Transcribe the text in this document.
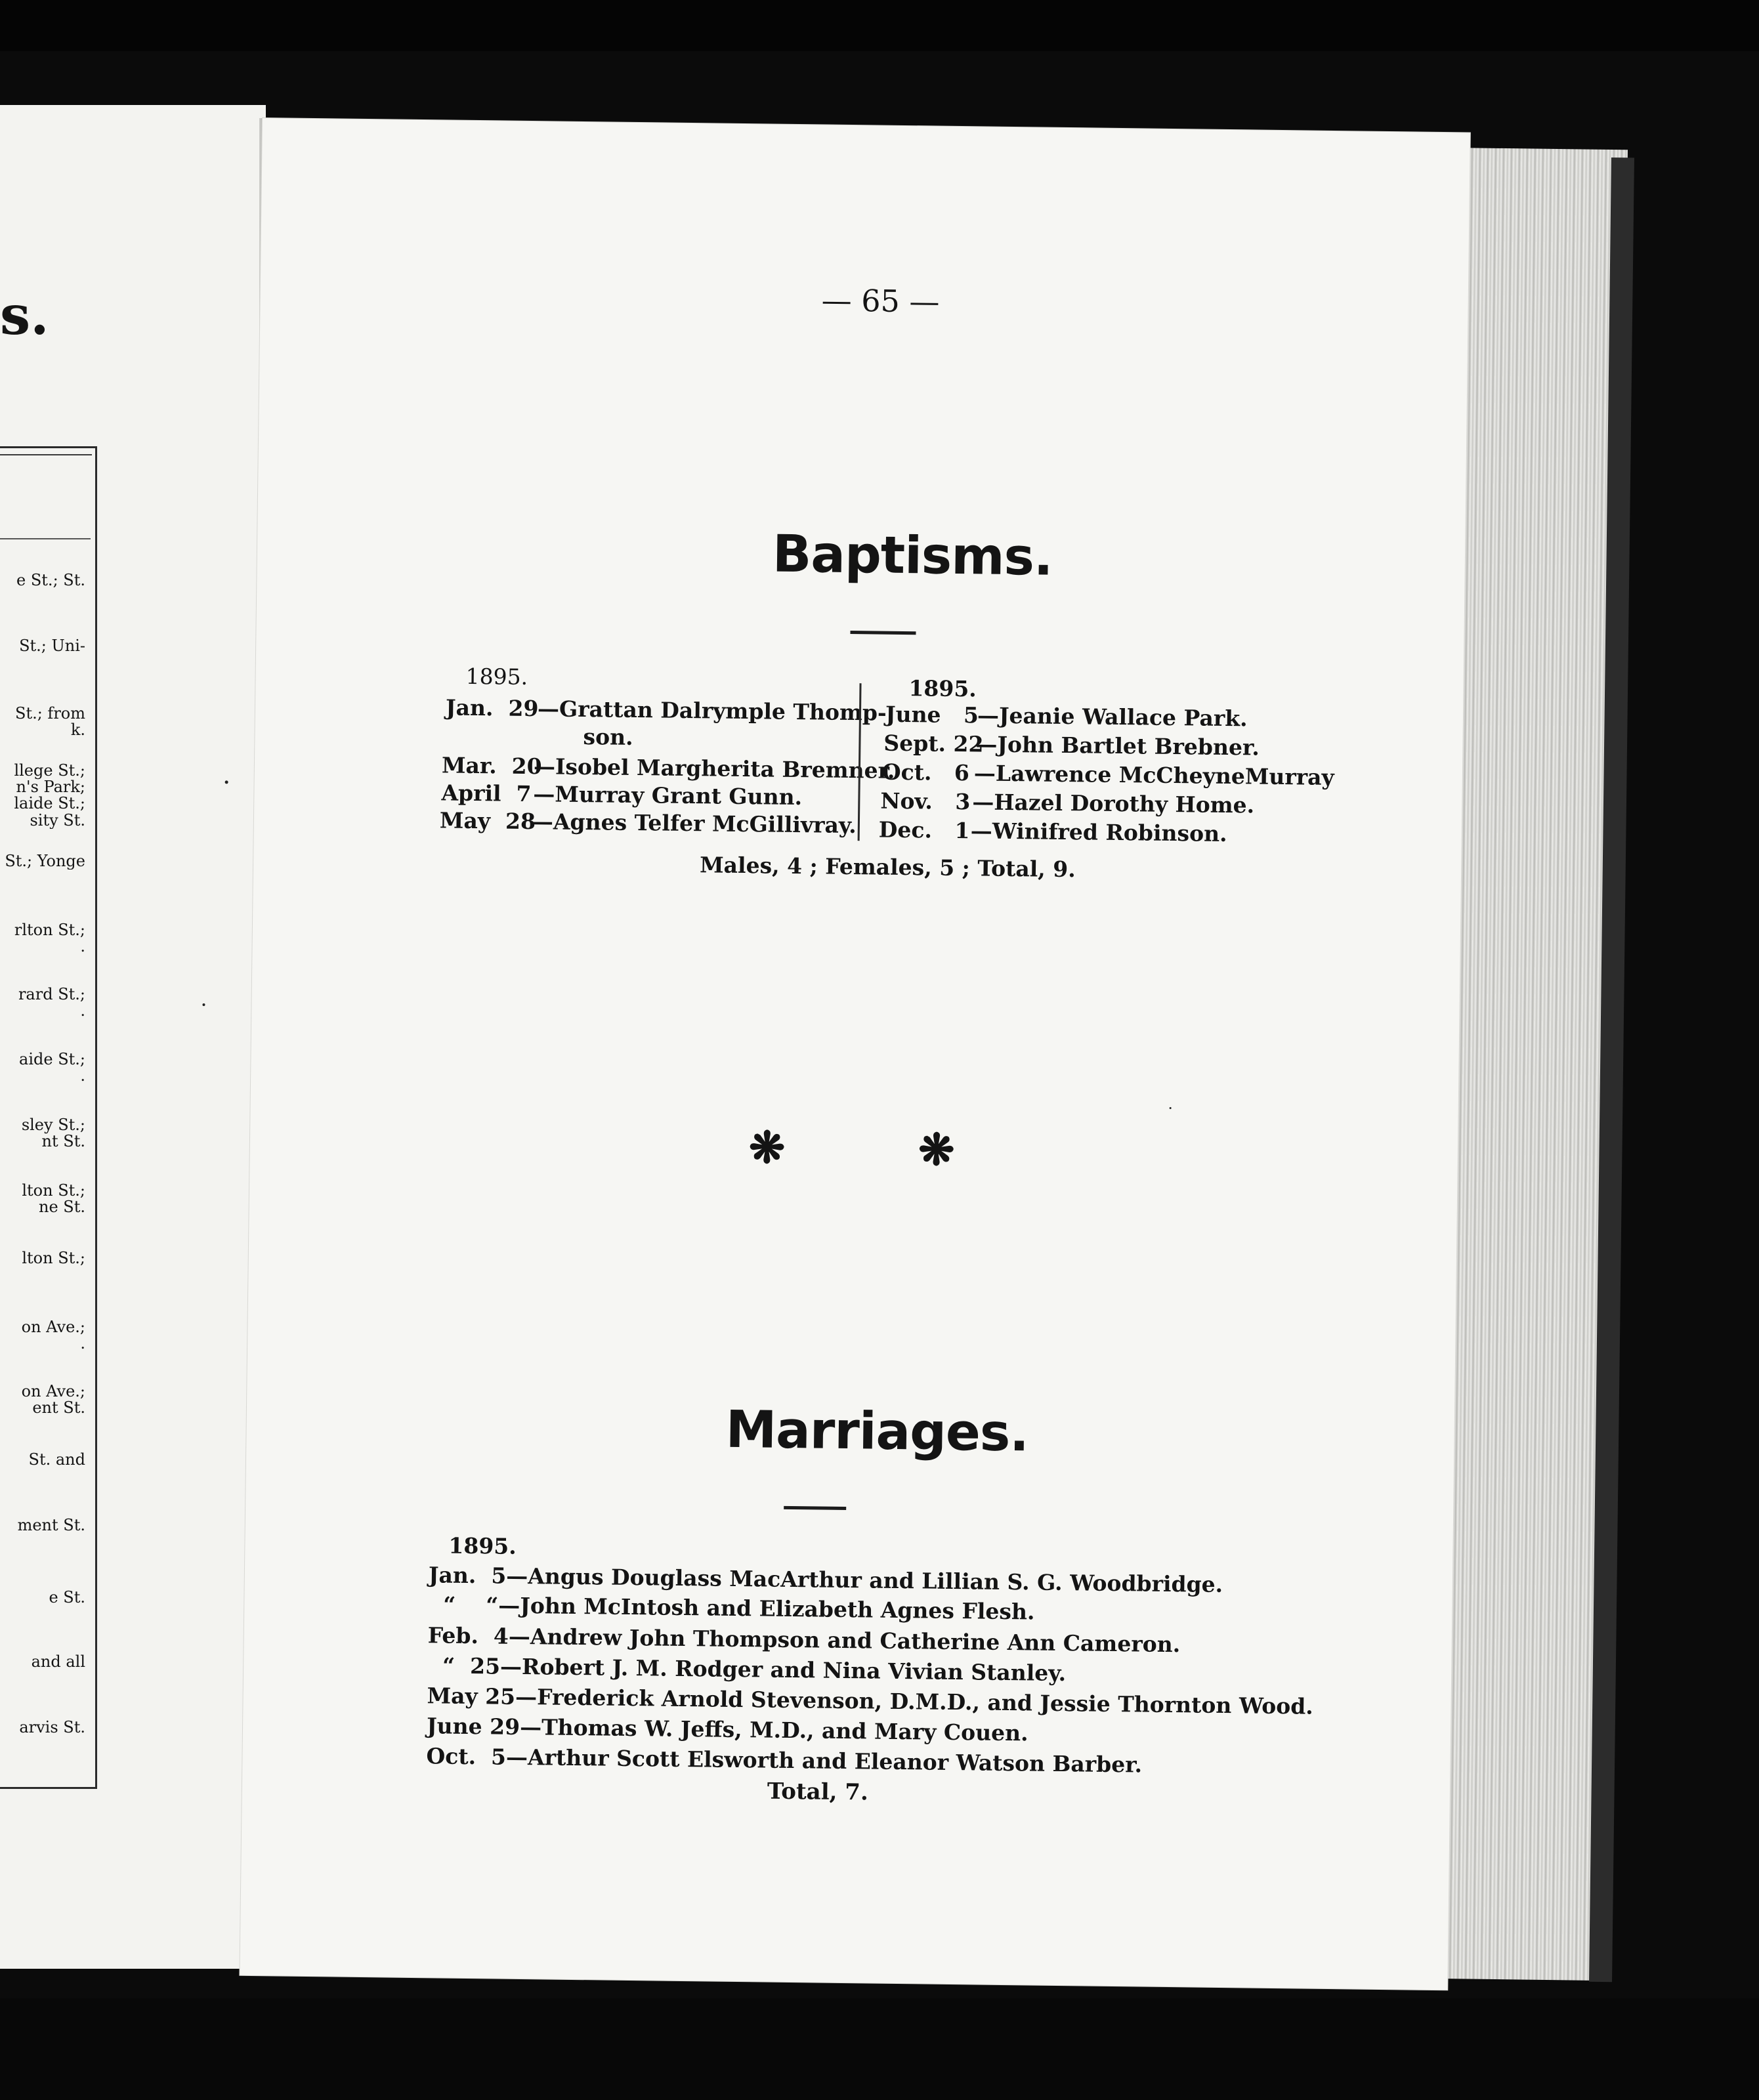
s.
e St.; St.
St.; Uni-
St.; from
k.
llege St.;
n's Park;
laide St.;
sity St.
St.; Yonge
rlton St.;
.
rard St.;
.
aide St.;
.
sley St.;
nt St.
lton St.;
ne St.
lton St.;
on Ave.;
.
on Ave.;
ent St.
St. and
ment St.
e St.
and all
arvis St.
— 65 —
Baptisms.
1895.
Jan.  29
—Grattan Dalrymple Thomp-
son.
Mar.  20
—Isobel Margherita Bremner.
April  7 —Murray Grant Gunn.
May  28
—Agnes Telfer McGillivray.
1895.
June   5
—Jeanie Wallace Park.
Sept. 22
—John Bartlet Brebner.
Oct.   6 —Lawrence McCheyneMurray
Nov.   3 —Hazel Dorothy Home.
Dec.   1 —Winifred Robinson.
Males, 4 ; Females, 5 ; Total, 9.
❋ ❋
Marriages.
1895.
Jan.  5—Angus Douglass MacArthur and Lillian S. G. Woodbridge.
“    “—John McIntosh and Elizabeth Agnes Flesh.
Feb.  4—Andrew John Thompson and Catherine Ann Cameron.
“  25—Robert J. M. Rodger and Nina Vivian Stanley.
May 25—Frederick Arnold Stevenson, D.M.D., and Jessie Thornton Wood.
June 29—Thomas W. Jeffs, M.D., and Mary Couen.
Oct.  5—Arthur Scott Elsworth and Eleanor Watson Barber.
Total, 7.
